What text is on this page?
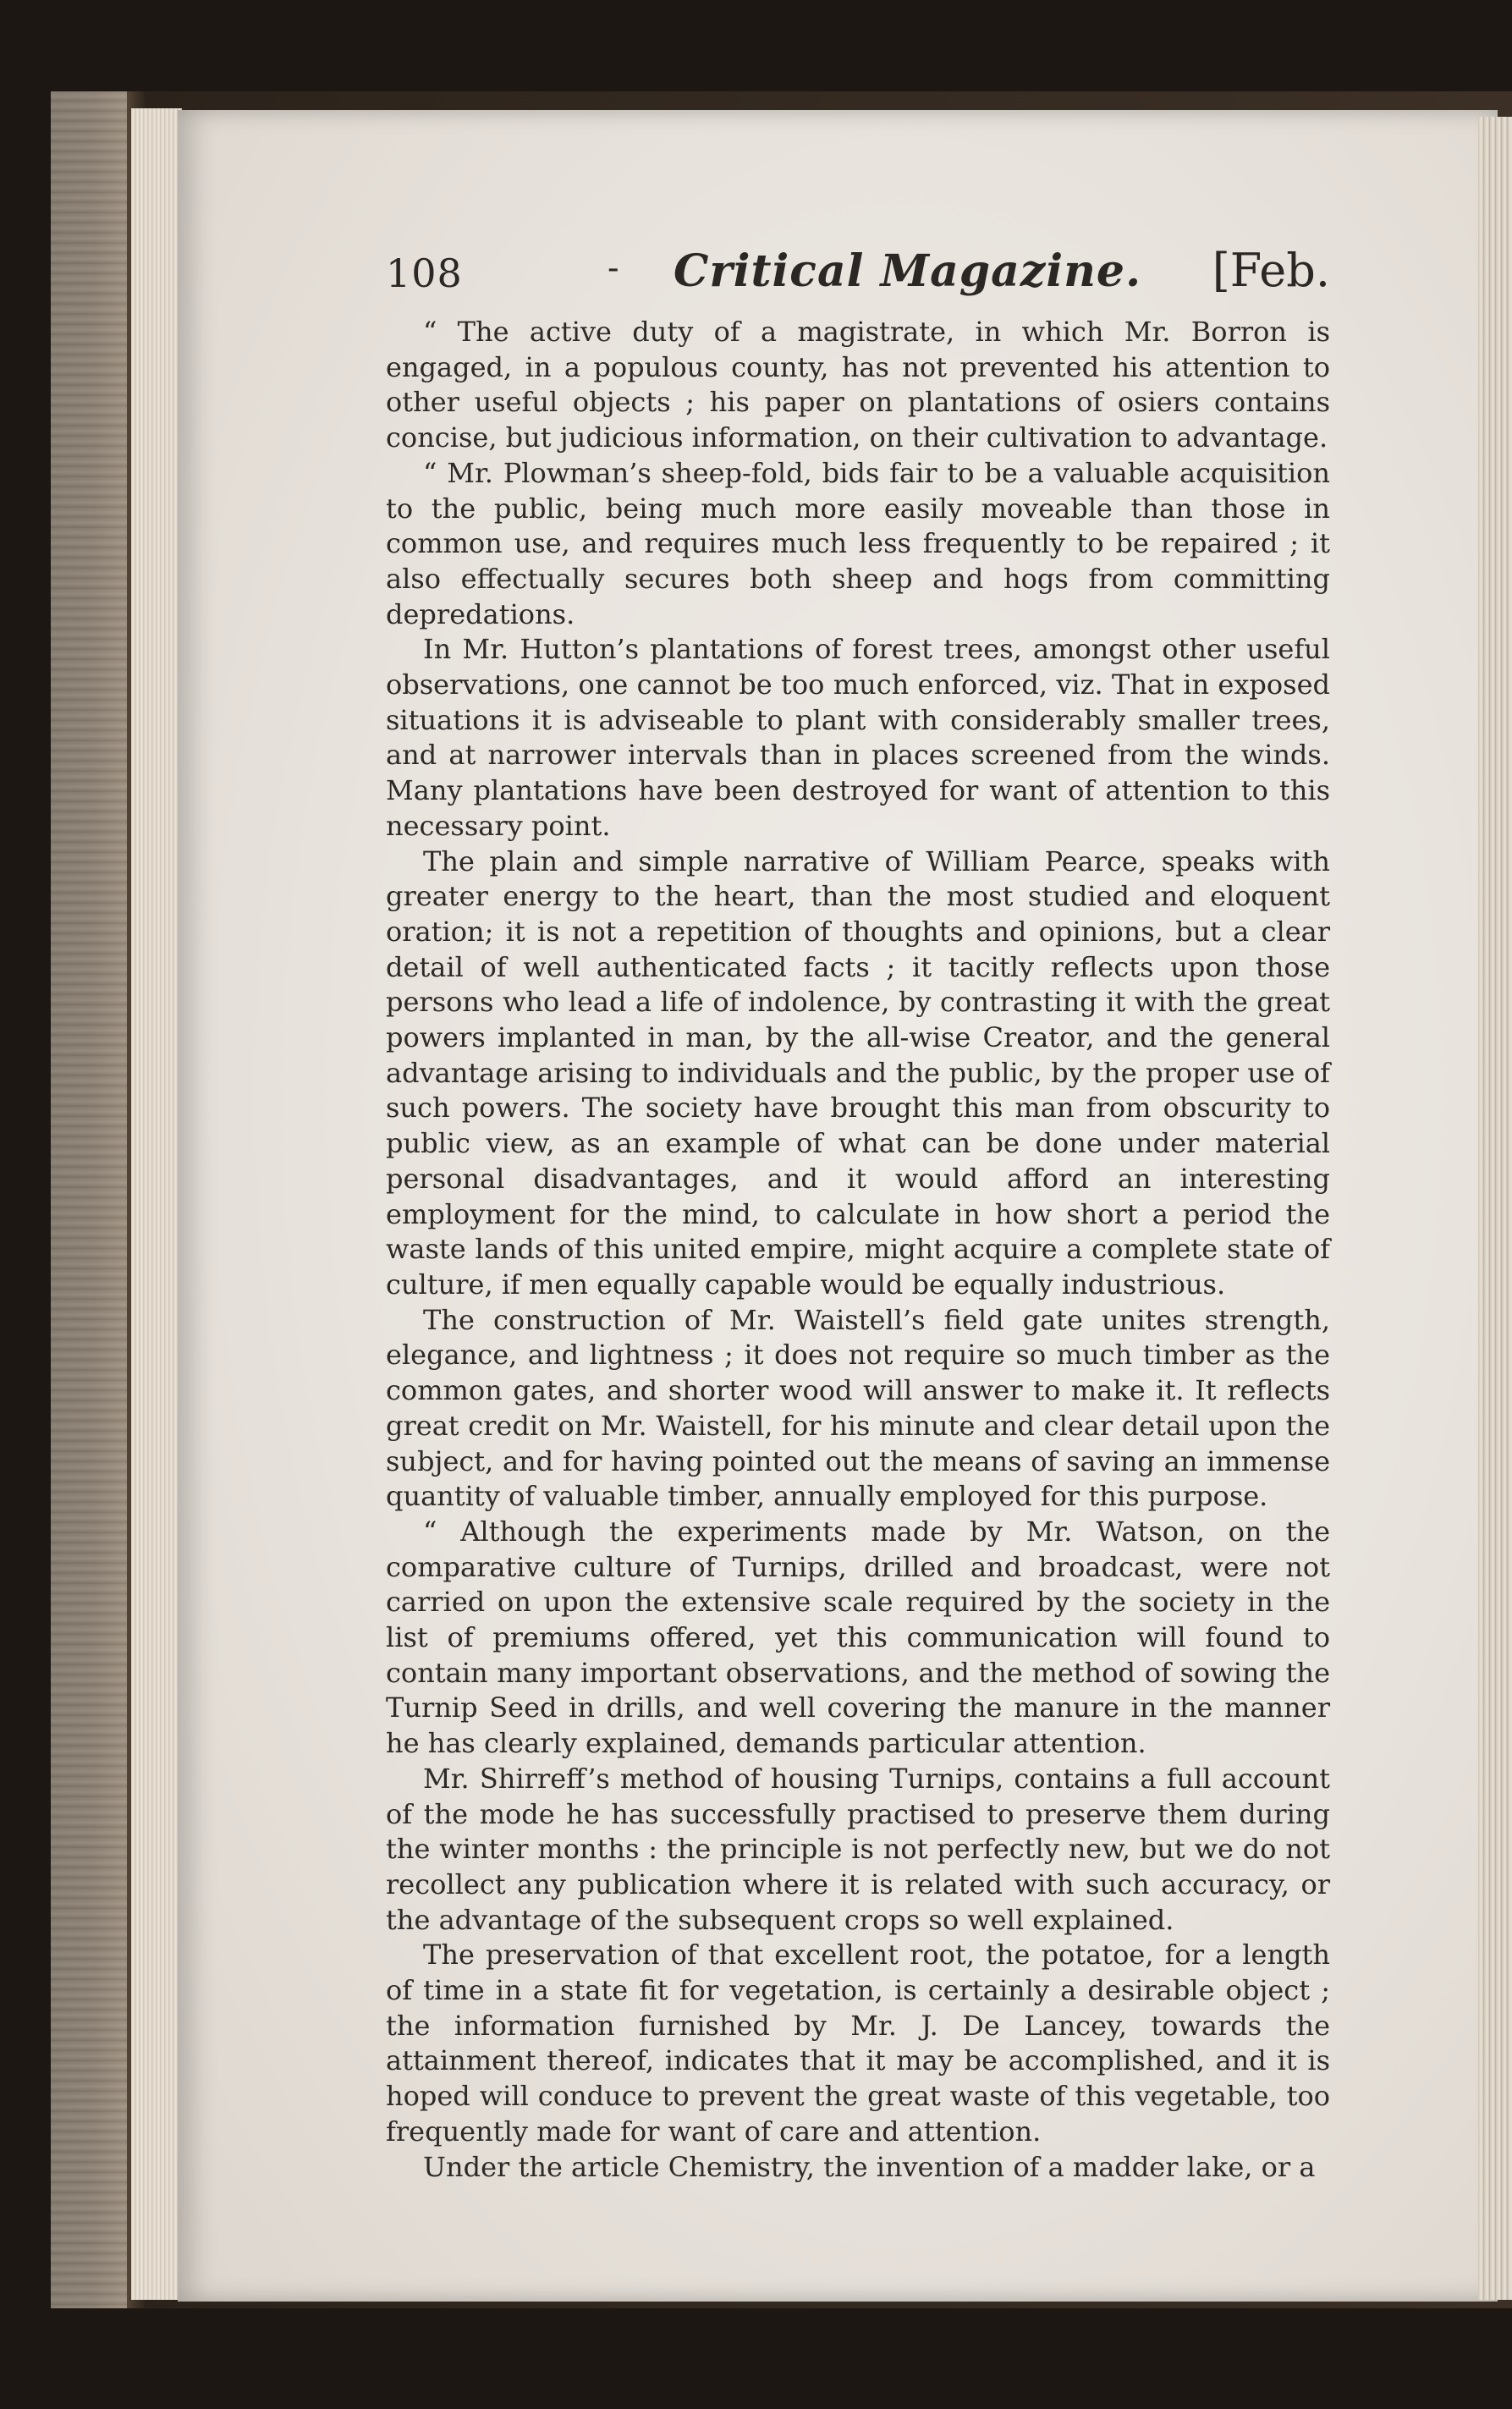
108	- Critical Magazine. [Feb.

“ The active duty of a magistrate, in which Mr. Borron is engaged, in a populous county, has not prevented his attention to other useful objects ; his paper on plantations of osiers contains concise, but judicious information, on their cultivation to advantage.

“ Mr. Plowman’s sheep-fold, bids fair to be a valuable acquisition to the public, being much more easily moveable than those in common use, and requires much less frequently to be repaired ; it also effectually secures both sheep and hogs from committing depredations.

In Mr. Hutton’s plantations of forest trees, amongst other useful observations, one cannot be too much enforced, viz. That in exposed situations it is adviseable to plant with considerably smaller trees, and at narrower intervals than in places screened from the winds. Many plantations have been destroyed for want of attention to this necessary point.

The plain and simple narrative of William Pearce, speaks with greater energy to the heart, than the most studied and eloquent oration; it is not a repetition of thoughts and opinions, but a clear detail of well authenticated facts ; it tacitly reflects upon those persons who lead a life of indolence, by contrasting it with the great powers implanted in man, by the all-wise Creator, and the general advantage arising to individuals and the public, by the proper use of such powers. The society have brought this man from obscurity to public view, as an example of what can be done under material personal disadvantages, and it would afford an interesting employment for the mind, to calculate in how short a period the waste lands of this united empire, might acquire a complete state of culture, if men equally capable would be equally industrious.

The construction of Mr. Waistell’s field gate unites strength, elegance, and lightness ; it does not require so much timber as the common gates, and shorter wood will answer to make it. It reflects great credit on Mr. Waistell, for his minute and clear detail upon the subject, and for having pointed out the means of saving an immense quantity of valuable timber, annually employed for this purpose.

“ Although the experiments made by Mr. Watson, on the comparative culture of Turnips, drilled and broadcast, were not carried on upon the extensive scale required by the society in the list of premiums offered, yet this communication will found to contain many important observations, and the method of sowing the Turnip Seed in drills, and well covering the manure in the manner he has clearly explained, demands particular attention.

Mr. Shirreff’s method of housing Turnips, contains a full account of the mode he has successfully practised to preserve them during the winter months : the principle is not perfectly new, but we do not recollect any publication where it is related with such accuracy, or the advantage of the subsequent crops so well explained.

The preservation of that excellent root, the potatoe, for a length of time in a state fit for vegetation, is certainly a desirable object ; the information furnished by Mr. J. De Lancey, towards the attainment thereof, indicates that it may be accomplished, and it is hoped will conduce to prevent the great waste of this vegetable, too frequently made for want of care and attention.

Under the article Chemistry, the invention of a madder lake, or a
